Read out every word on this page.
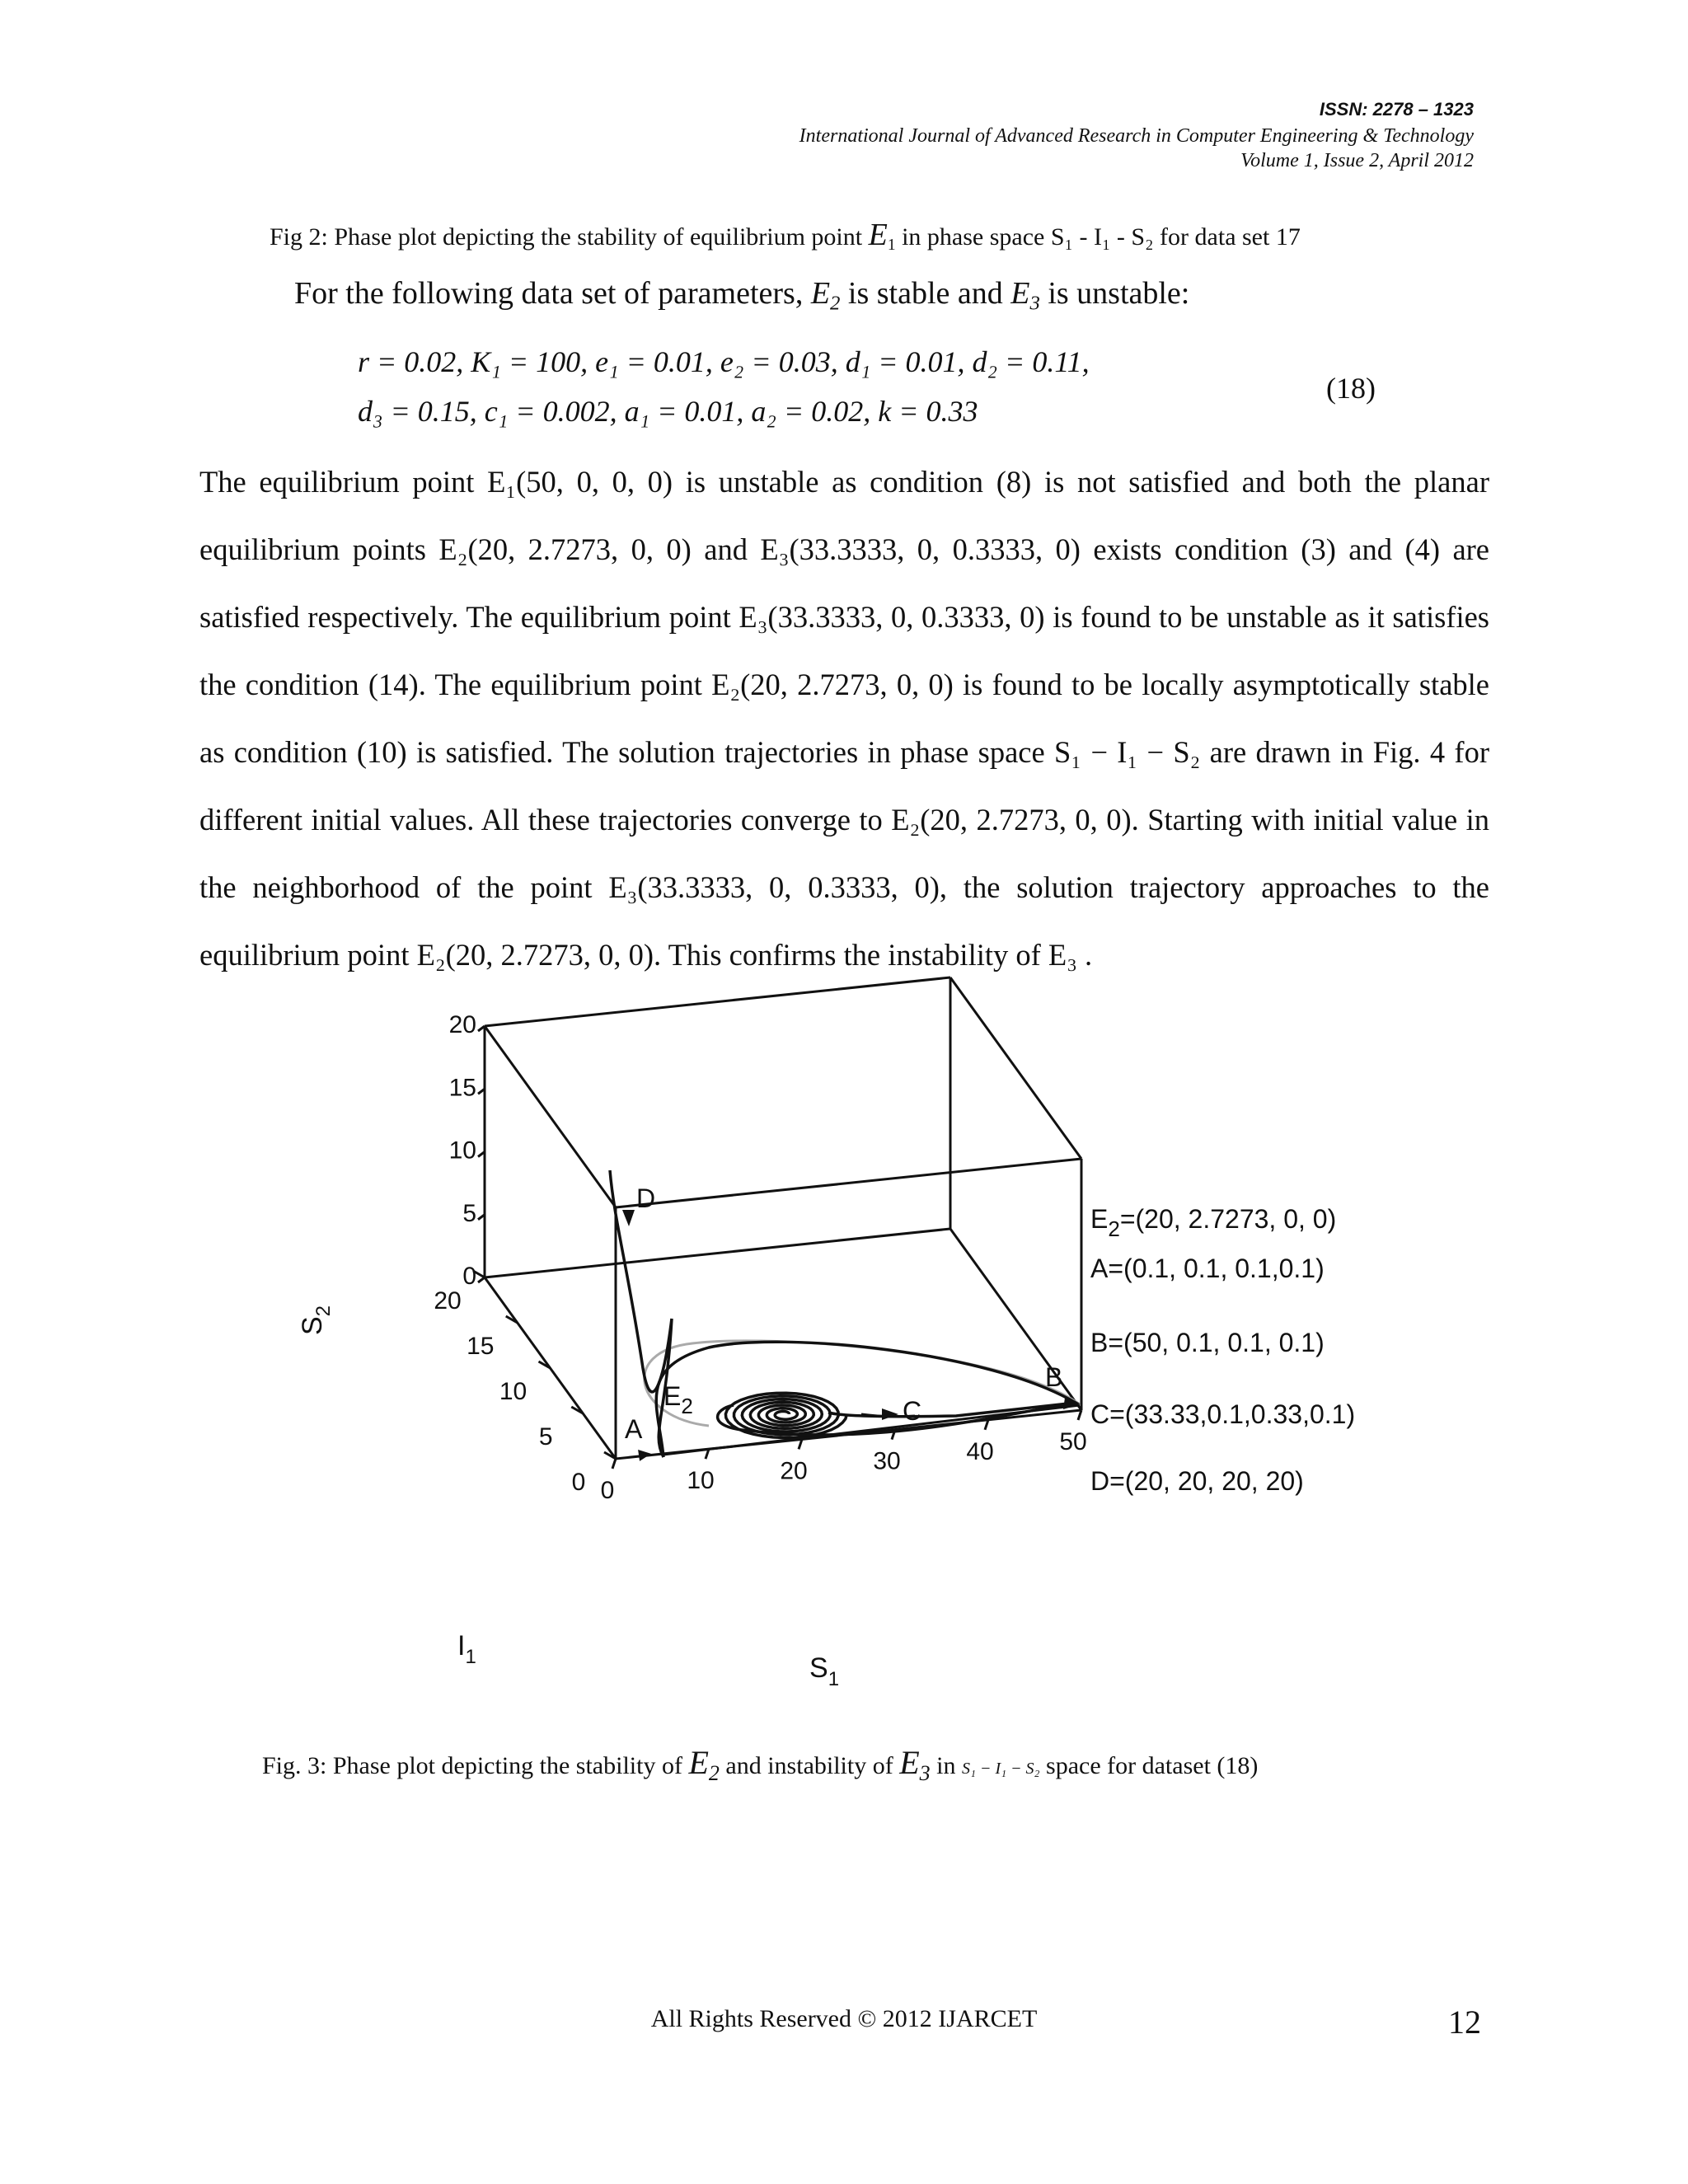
ISSN: 2278 – 1323
International Journal of Advanced Research in Computer Engineering & Technology
Volume 1, Issue 2, April 2012
Fig 2: Phase plot depicting the stability of equilibrium point $E_1$ in phase space S₁ - I₁ - S₂ for data set 17
For the following data set of parameters, $E_2$ is stable and $E_3$ is unstable:
r = 0.02, K₁ = 100, e₁ = 0.01, e₂ = 0.03, d₁ = 0.01, d₂ = 0.11,
d₃ = 0.15, c₁ = 0.002, a₁ = 0.01, a₂ = 0.02, k = 0.33
(18)

The equilibrium point E₁(50, 0, 0, 0) is unstable as condition (8) is not satisfied and both the planar equilibrium points E₂(20, 2.7273, 0, 0) and E₃(33.3333, 0, 0.3333, 0) exists condition (3) and (4) are satisfied respectively. The equilibrium point E₃(33.3333, 0, 0.3333, 0) is found to be unstable as it satisfies the condition (14). The equilibrium point E₂(20, 2.7273, 0, 0) is found to be locally asymptotically stable as condition (10) is satisfied. The solution trajectories in phase space S₁ − I₁ − S₂ are drawn in Fig. 4 for different initial values. All these trajectories converge to E₂(20, 2.7273, 0, 0). Starting with initial value in the neighborhood of the point E₃(33.3333, 0, 0.3333, 0), the solution trajectory approaches to the equilibrium point E₂(20, 2.7273, 0, 0). This confirms the instability of E₃ .

0	10	20	30	40	50
0
5
10
15
20
0
5
10
15
20
$S_1$
$I_1$
$S_2$
D
$E_2$
A
B
C
$E_2=(20$, 2.7273, 0, 0)
A=(0.1, 0.1, 0.1,0.1)
B=(50, 0.1, 0.1, 0.1)
C=(33.33,0.1,0.33,0.1)
D=(20, 20, 20, 20)
Fig. 3: Phase plot depicting the stability of $E_2$ and instability of $E_3$ in S₁ − I₁ − S₂ space for dataset (18)
All Rights Reserved © 2012 IJARCET	12
